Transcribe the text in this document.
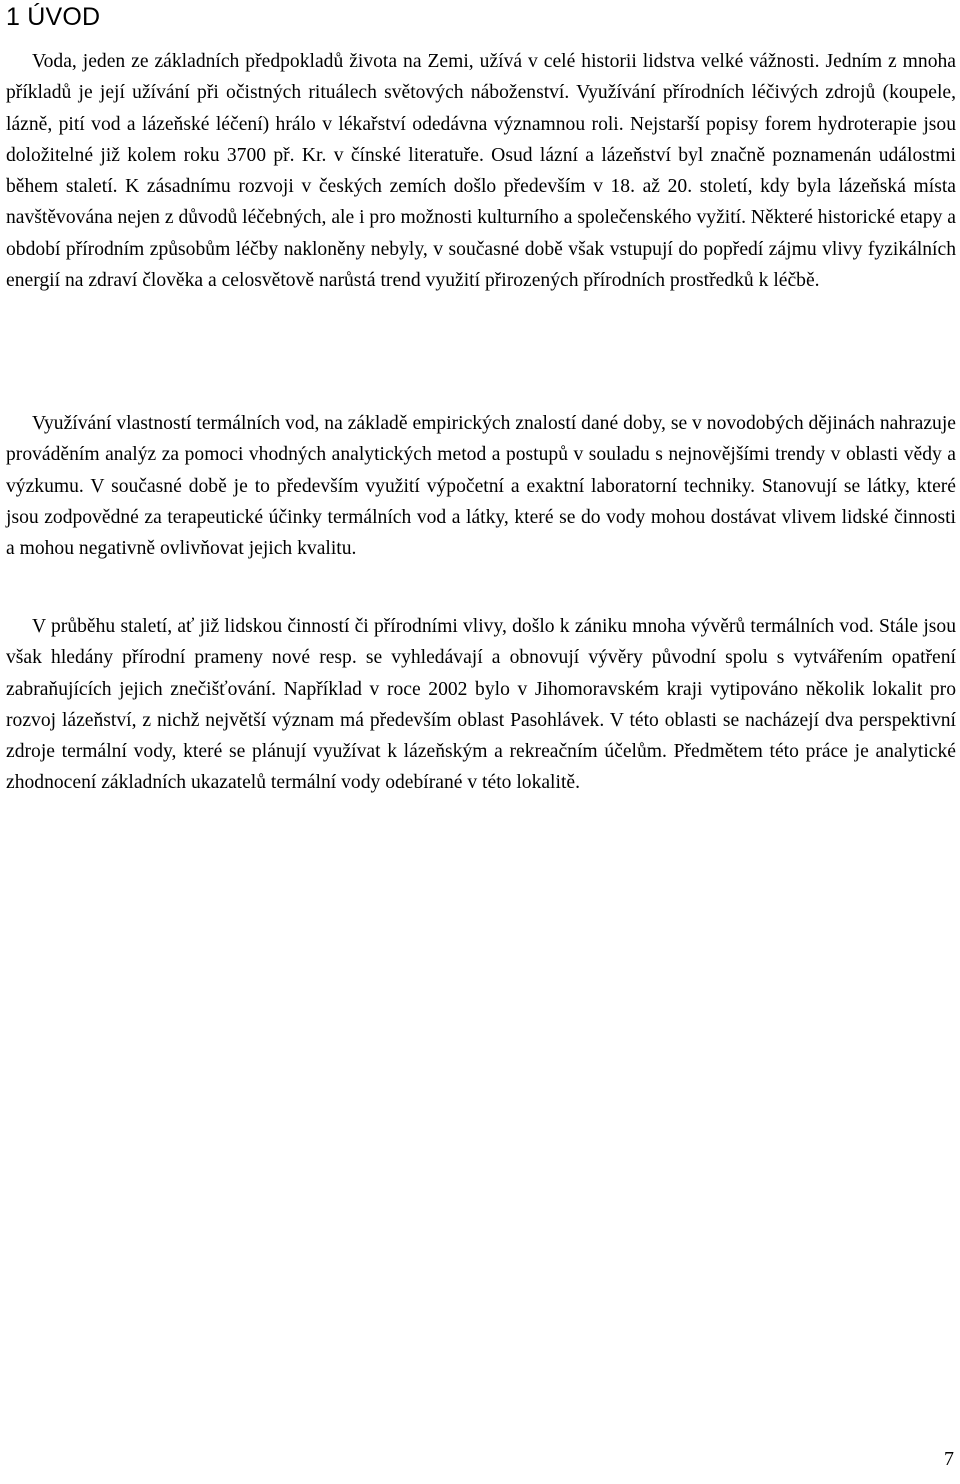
1 ÚVOD

Voda, jeden ze základních předpokladů života na Zemi, užívá v celé historii lidstva velké vážnosti. Jedním z mnoha příkladů je její užívání při očistných rituálech světových náboženství. Využívání přírodních léčivých zdrojů (koupele, lázně, pití vod a lázeňské léčení) hrálo v lékařství odedávna významnou roli. Nejstarší popisy forem hydroterapie jsou doložitelné již kolem roku 3700 př. Kr. v čínské literatuře. Osud lázní a lázeňství byl značně poznamenán událostmi během staletí. K zásadnímu rozvoji v českých zemích došlo především v 18. až 20. století, kdy byla lázeňská místa navštěvována nejen z důvodů léčebných, ale i pro možnosti kulturního a společenského vyžití. Některé historické etapy a období přírodním způsobům léčby nakloněny nebyly, v současné době však vstupují do popředí zájmu vlivy fyzikálních energií na zdraví člověka a celosvětově narůstá trend využití přirozených přírodních prostředků k léčbě.

Využívání vlastností termálních vod, na základě empirických znalostí dané doby, se v novodobých dějinách nahrazuje prováděním analýz za pomoci vhodných analytických metod a postupů v souladu s nejnovějšími trendy v oblasti vědy a výzkumu. V současné době je to především využití výpočetní a exaktní laboratorní techniky. Stanovují se látky, které jsou zodpovědné za terapeutické účinky termálních vod a látky, které se do vody mohou dostávat vlivem lidské činnosti a mohou negativně ovlivňovat jejich kvalitu.

V průběhu staletí, ať již lidskou činností či přírodními vlivy, došlo k zániku mnoha vývěrů termálních vod. Stále jsou však hledány přírodní prameny nové resp. se vyhledávají a obnovují vývěry původní spolu s vytvářením opatření zabraňujících jejich znečišťování. Například v roce 2002 bylo v Jihomoravském kraji vytipováno několik lokalit pro rozvoj lázeňství, z nichž největší význam má především oblast Pasohlávek. V této oblasti se nacházejí dva perspektivní zdroje termální vody, které se plánují využívat k lázeňským a rekreačním účelům. Předmětem této práce je analytické zhodnocení základních ukazatelů termální vody odebírané v této lokalitě.

7
